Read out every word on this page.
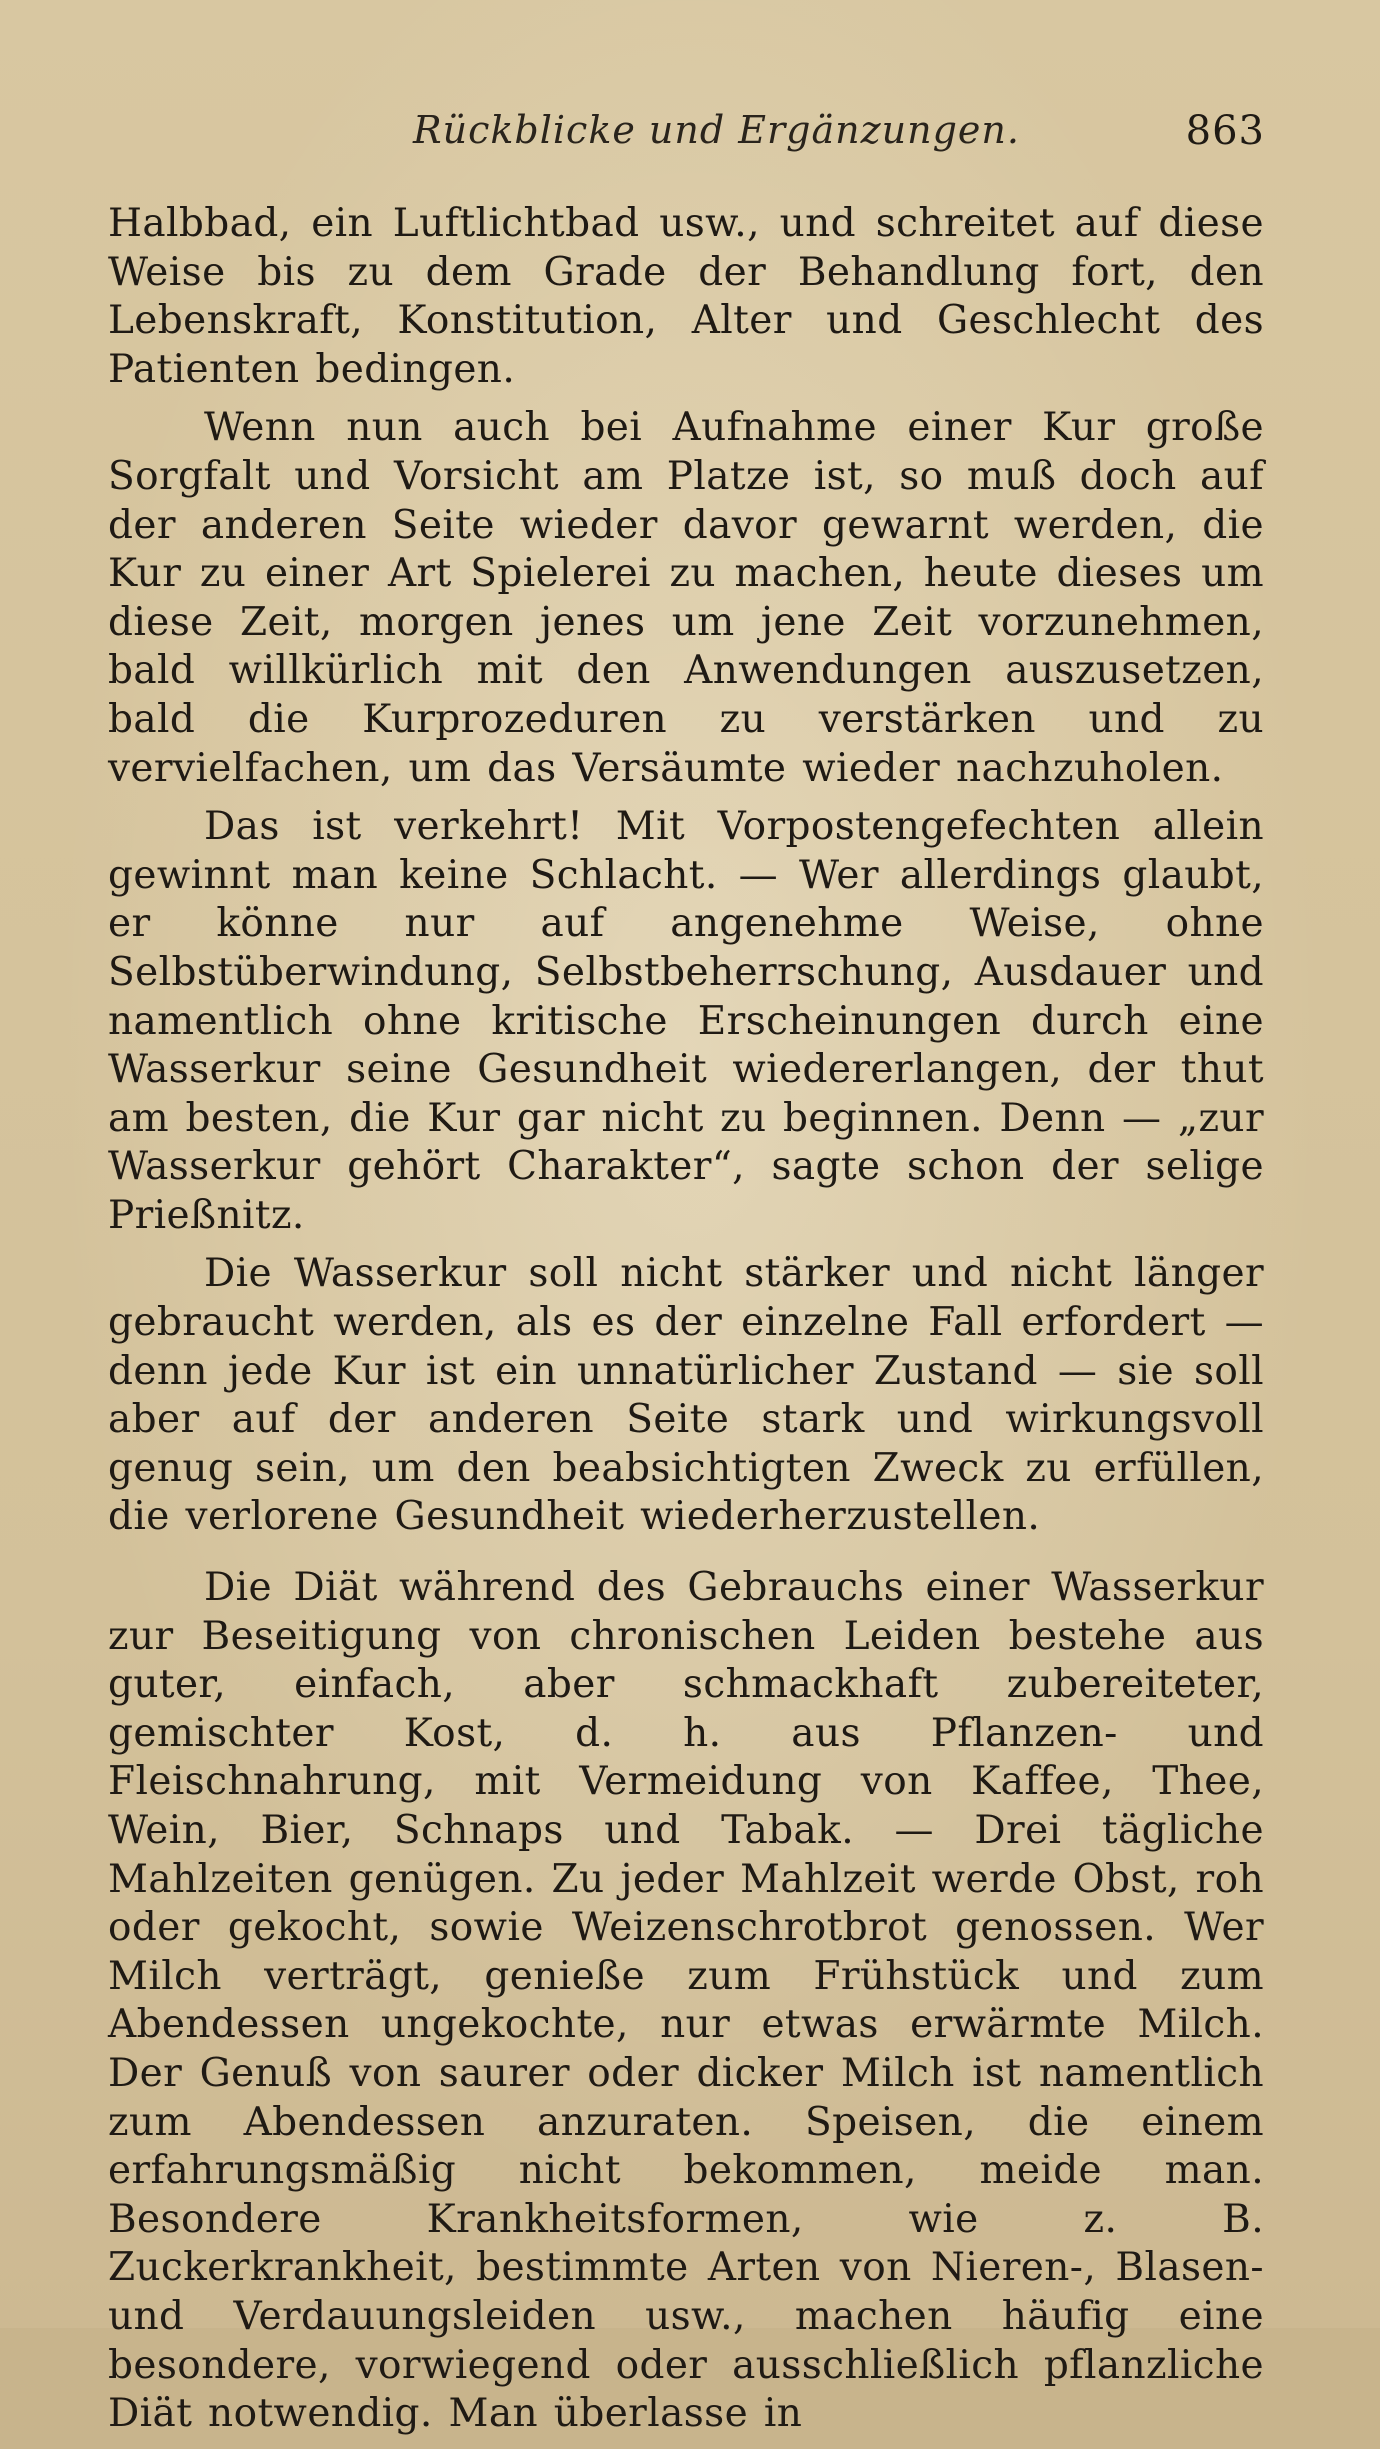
Rückblicke und Ergänzungen.	863

Halbbad, ein Luftlichtbad usw., und schreitet auf diese Weise bis zu dem Grade der Behandlung fort, den Lebenskraft, Konstitution, Alter und Geschlecht des Patienten bedingen.

Wenn nun auch bei Aufnahme einer Kur große Sorgfalt und Vorsicht am Platze ist, so muß doch auf der anderen Seite wieder davor gewarnt werden, die Kur zu einer Art Spielerei zu machen, heute dieses um diese Zeit, morgen jenes um jene Zeit vorzunehmen, bald willkürlich mit den Anwendungen auszusetzen, bald die Kurprozeduren zu verstärken und zu vervielfachen, um das Versäumte wieder nachzuholen.

Das ist verkehrt! Mit Vorpostengefechten allein gewinnt man keine Schlacht. — Wer allerdings glaubt, er könne nur auf angenehme Weise, ohne Selbstüberwindung, Selbstbeherrschung, Ausdauer und namentlich ohne kritische Erscheinungen durch eine Wasserkur seine Gesundheit wiedererlangen, der thut am besten, die Kur gar nicht zu beginnen. Denn — „zur Wasserkur gehört Charakter“, sagte schon der selige Prießnitz.

Die Wasserkur soll nicht stärker und nicht länger gebraucht werden, als es der einzelne Fall erfordert — denn jede Kur ist ein unnatürlicher Zustand — sie soll aber auf der anderen Seite stark und wirkungsvoll genug sein, um den beabsichtigten Zweck zu erfüllen, die verlorene Gesundheit wiederherzustellen.

Die Diät während des Gebrauchs einer Wasserkur zur Beseitigung von chronischen Leiden bestehe aus guter, einfach, aber schmackhaft zubereiteter, gemischter Kost, d. h. aus Pflanzen- und Fleischnahrung, mit Vermeidung von Kaffee, Thee, Wein, Bier, Schnaps und Tabak. — Drei tägliche Mahlzeiten genügen. Zu jeder Mahlzeit werde Obst, roh oder gekocht, sowie Weizenschrotbrot genossen. Wer Milch verträgt, genieße zum Frühstück und zum Abendessen ungekochte, nur etwas erwärmte Milch. Der Genuß von saurer oder dicker Milch ist namentlich zum Abendessen anzuraten. Speisen, die einem erfahrungsmäßig nicht bekommen, meide man. Besondere Krankheitsformen, wie z. B. Zuckerkrankheit, bestimmte Arten von Nieren-, Blasen- und Verdauungsleiden usw., machen häufig eine besondere, vorwiegend oder ausschließlich pflanzliche Diät notwendig. Man überlasse in
